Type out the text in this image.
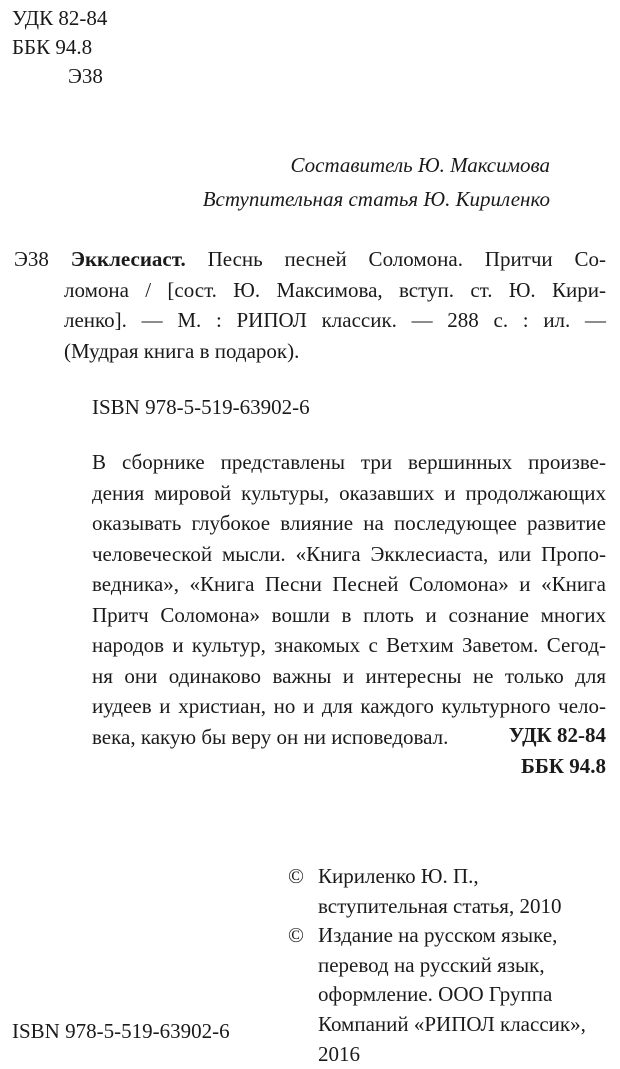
УДК 82-84
ББК 94.8
Э38
Составитель Ю. Максимова
Вступительная статья Ю. Кириленко
Э38 Экклесиаст. Песнь песней Соломона. Притчи Со-
ломона / [сост. Ю. Максимова, вступ. ст. Ю. Кири-
ленко]. — М. : РИПОЛ классик. — 288 с. : ил. —
(Мудрая книга в подарок).
ISBN 978-5-519-63902-6
В сборнике представлены три вершинных произве-
дения мировой культуры, оказавших и продолжающих
оказывать глубокое влияние на последующее развитие
человеческой мысли. «Книга Экклесиаста, или Пропо-
ведника», «Книга Песни Песней Соломона» и «Книга
Притч Соломона» вошли в плоть и сознание многих
народов и культур, знакомых с Ветхим Заветом. Сегод-
ня они одинаково важны и интересны не только для
иудеев и христиан, но и для каждого культурного чело-
века, какую бы веру он ни исповедовал.	УДК 82-84
ББК 94.8
© Кириленко Ю. П.,
вступительная статья, 2010
© Издание на русском языке,
перевод на русский язык,
оформление. ООО Группа
Компаний «РИПОЛ классик»,
2016
ISBN 978-5-519-63902-6
